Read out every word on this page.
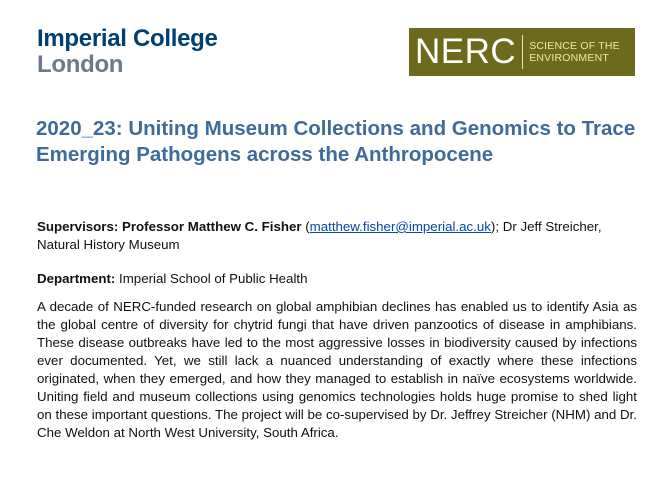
Imperial College
London	NERC SCIENCE OF THE
ENVIRONMENT
2020_23: Uniting Museum Collections and Genomics to Trace Emerging Pathogens across the Anthropocene

Supervisors: Professor Matthew C. Fisher (matthew.fisher@imperial.ac.uk); Dr Jeff Streicher, Natural History Museum

Department: Imperial School of Public Health

A decade of NERC-funded research on global amphibian declines has enabled us to identify Asia as the global centre of diversity for chytrid fungi that have driven panzootics of disease in amphibians. These disease outbreaks have led to the most aggressive losses in biodiversity caused by infections ever documented. Yet, we still lack a nuanced understanding of exactly where these infections originated, when they emerged, and how they managed to establish in naïve ecosystems worldwide. Uniting field and museum collections using genomics technologies holds huge promise to shed light on these important questions. The project will be co-supervised by Dr. Jeffrey Streicher (NHM) and Dr. Che Weldon at North West University, South Africa.
